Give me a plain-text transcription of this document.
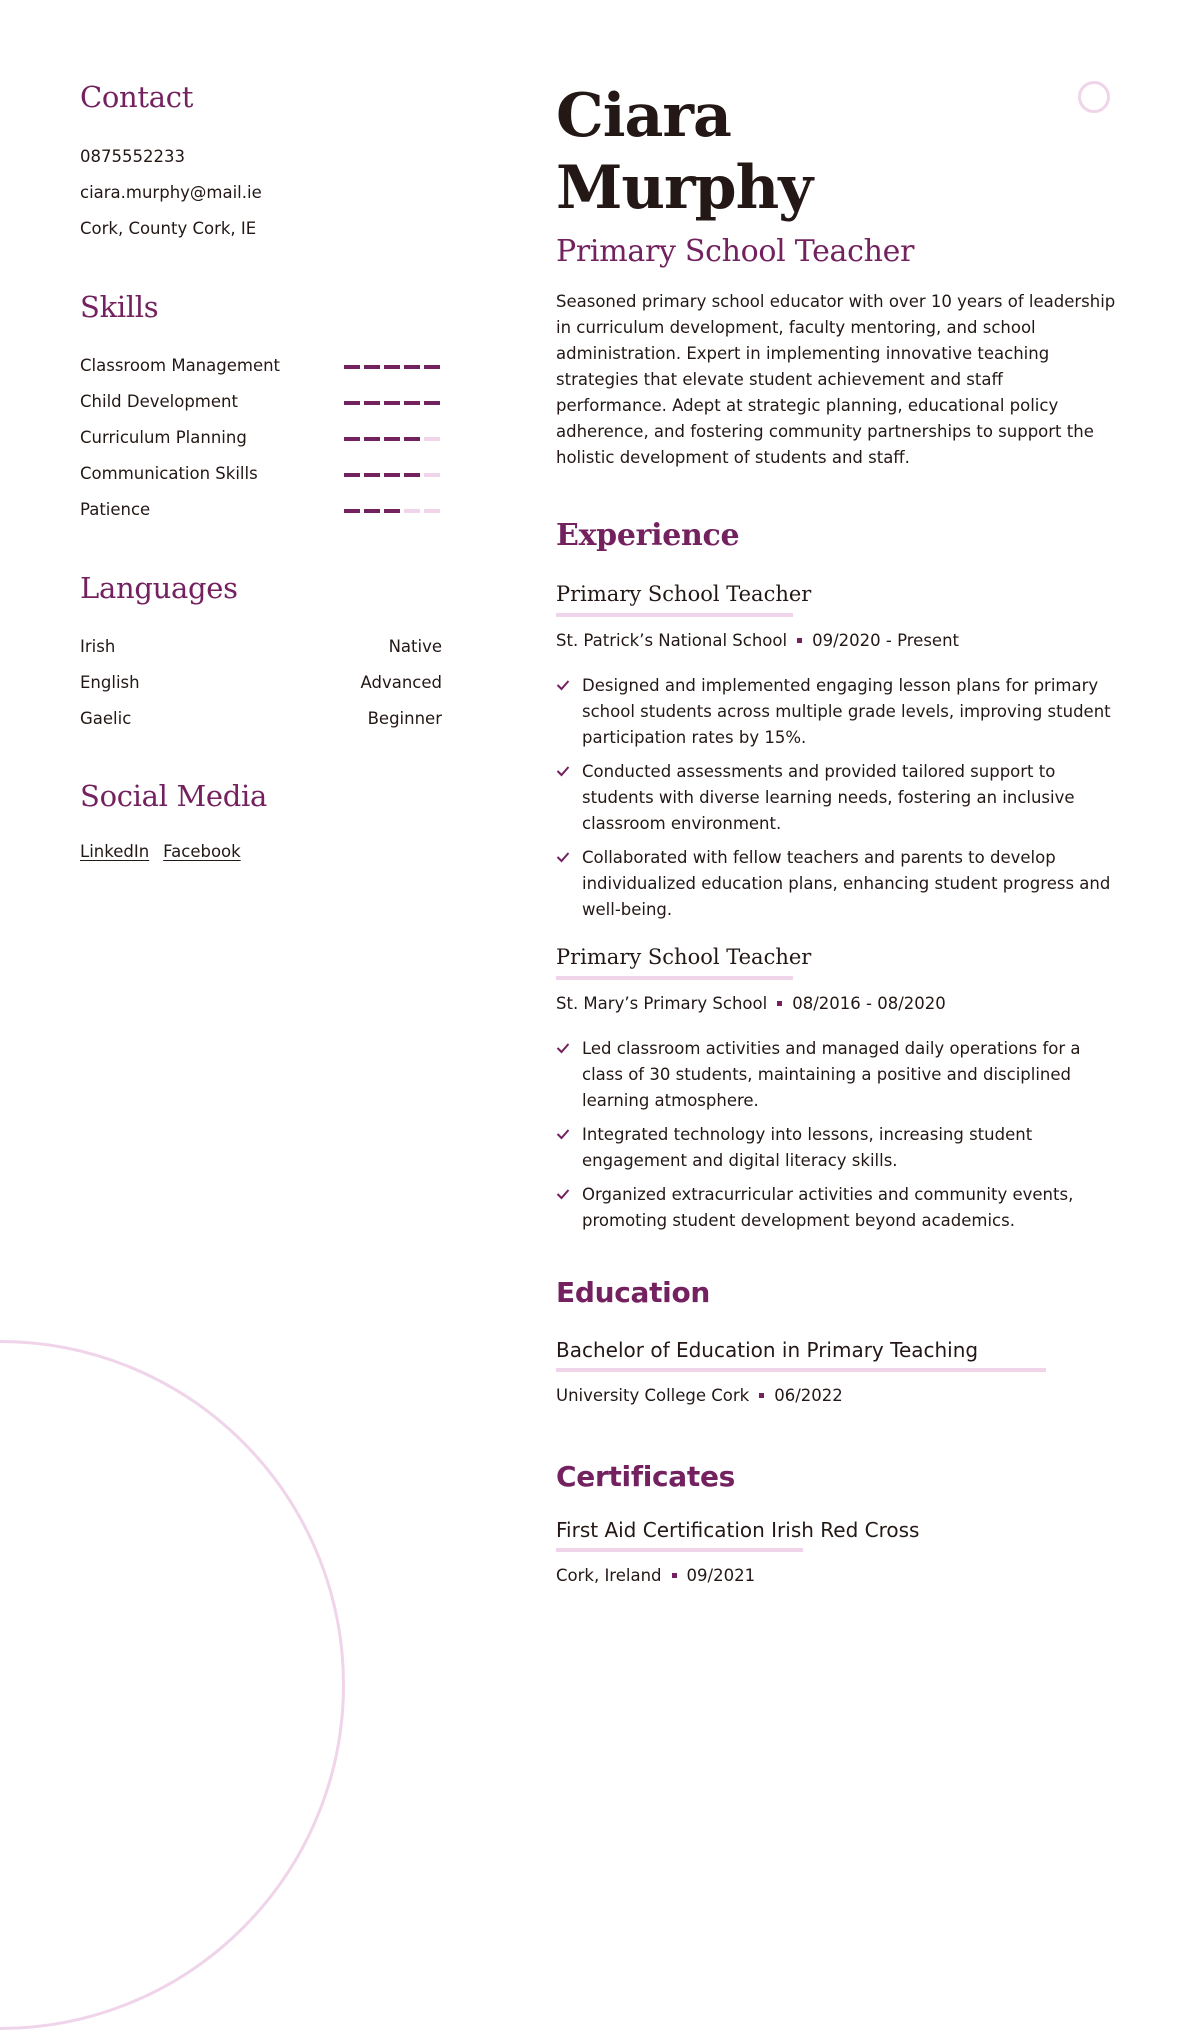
Contact
0875552233
ciara.murphy@mail.ie
Cork, County Cork, IE
Skills
Classroom Management
Child Development
Curriculum Planning
Communication Skills
Patience
Languages
Irish	Native
English	Advanced
Gaelic	Beginner
Social Media
LinkedIn Facebook
Ciara
Murphy
Primary School Teacher

Seasoned primary school educator with over 10 years of leadership in curriculum development, faculty mentoring, and school administration. Expert in implementing innovative teaching strategies that elevate student achievement and staff performance. Adept at strategic planning, educational policy adherence, and fostering community partnerships to support the holistic development of students and staff.

Experience
Primary School Teacher
St. Patrick’s National School 09/2020 - Present
Designed and implemented engaging lesson plans for primary school students across multiple grade levels, improving student participation rates by 15%.
Conducted assessments and provided tailored support to students with diverse learning needs, fostering an inclusive classroom environment.
Collaborated with fellow teachers and parents to develop individualized education plans, enhancing student progress and well-being.
Primary School Teacher
St. Mary’s Primary School 08/2016 - 08/2020
Led classroom activities and managed daily operations for a class of 30 students, maintaining a positive and disciplined learning atmosphere.
Integrated technology into lessons, increasing student engagement and digital literacy skills.
Organized extracurricular activities and community events, promoting student development beyond academics.
Education
Bachelor of Education in Primary Teaching
University College Cork 06/2022
Certificates
First Aid Certification Irish Red Cross
Cork, Ireland 09/2021
